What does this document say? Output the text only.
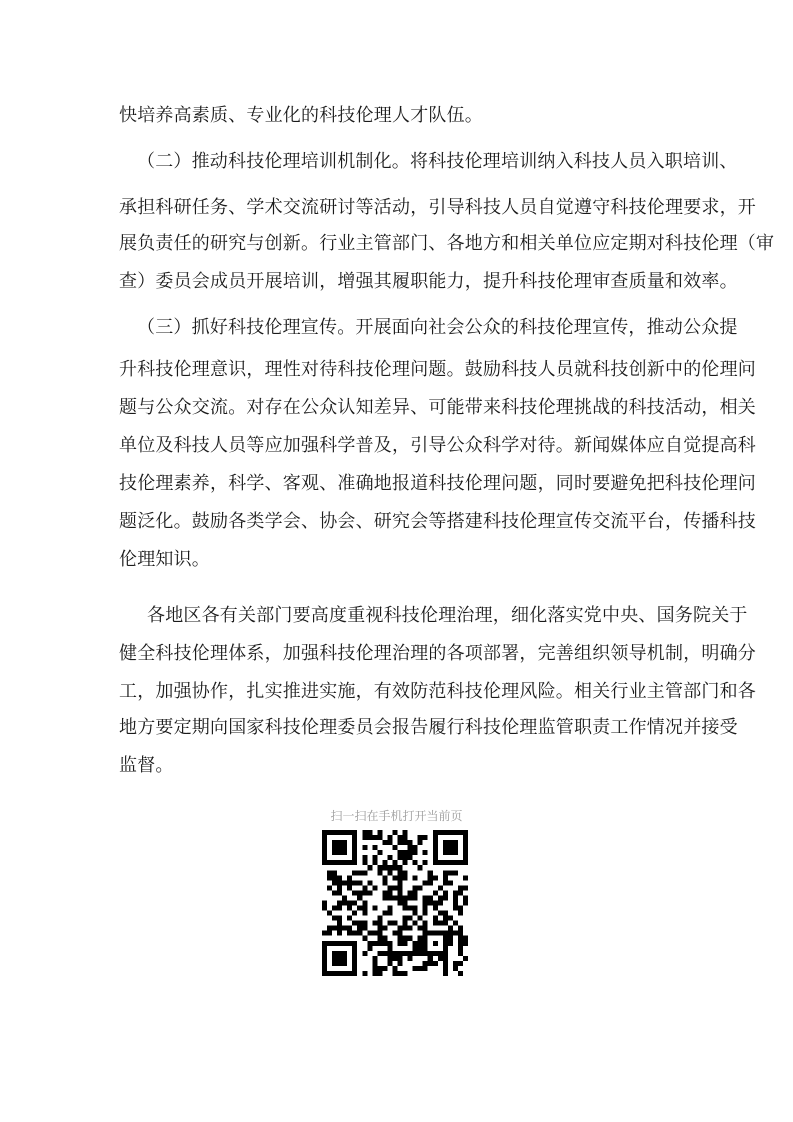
快培养高素质、专业化的科技伦理人才队伍。
（二）推动科技伦理培训机制化。将科技伦理培训纳入科技人员入职培训、
承担科研任务、学术交流研讨等活动，引导科技人员自觉遵守科技伦理要求，开
展负责任的研究与创新。行业主管部门、各地方和相关单位应定期对科技伦理（审
查）委员会成员开展培训，增强其履职能力，提升科技伦理审查质量和效率。
（三）抓好科技伦理宣传。开展面向社会公众的科技伦理宣传，推动公众提
升科技伦理意识，理性对待科技伦理问题。鼓励科技人员就科技创新中的伦理问
题与公众交流。对存在公众认知差异、可能带来科技伦理挑战的科技活动，相关
单位及科技人员等应加强科学普及，引导公众科学对待。新闻媒体应自觉提高科
技伦理素养，科学、客观、准确地报道科技伦理问题，同时要避免把科技伦理问
题泛化。鼓励各类学会、协会、研究会等搭建科技伦理宣传交流平台，传播科技
伦理知识。
各地区各有关部门要高度重视科技伦理治理，细化落实党中央、国务院关于
健全科技伦理体系，加强科技伦理治理的各项部署，完善组织领导机制，明确分
工，加强协作，扎实推进实施，有效防范科技伦理风险。相关行业主管部门和各
地方要定期向国家科技伦理委员会报告履行科技伦理监管职责工作情况并接受
监督。
扫一扫在手机打开当前页
